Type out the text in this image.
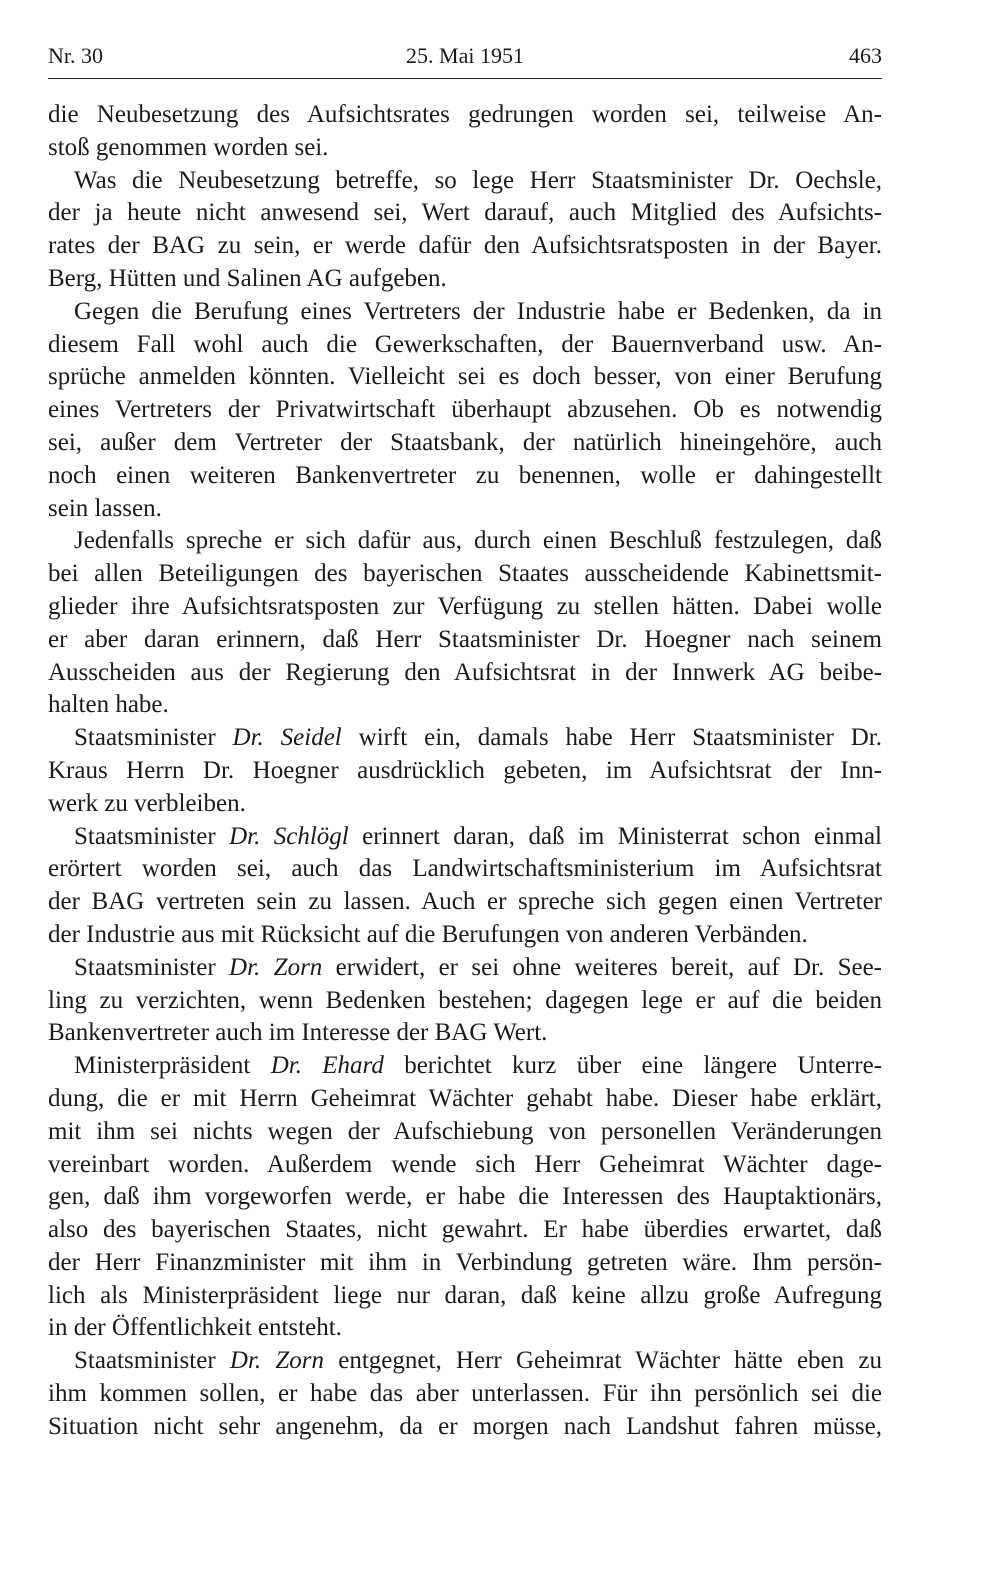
Nr. 30	25. Mai 1951	463
die Neubesetzung des Aufsichtsrates gedrungen worden sei, teilweise An-
stoß genommen worden sei.
Was die Neubesetzung betreffe, so lege Herr Staatsminister Dr. Oechsle,
der ja heute nicht anwesend sei, Wert darauf, auch Mitglied des Aufsichts-
rates der BAG zu sein, er werde dafür den Aufsichtsratsposten in der Bayer.
Berg, Hütten und Salinen AG aufgeben.
Gegen die Berufung eines Vertreters der Industrie habe er Bedenken, da in
diesem Fall wohl auch die Gewerkschaften, der Bauernverband usw. An-
sprüche anmelden könnten. Vielleicht sei es doch besser, von einer Berufung
eines Vertreters der Privatwirtschaft überhaupt abzusehen. Ob es notwendig
sei, außer dem Vertreter der Staatsbank, der natürlich hineingehöre, auch
noch einen weiteren Bankenvertreter zu benennen, wolle er dahingestellt
sein lassen.
Jedenfalls spreche er sich dafür aus, durch einen Beschluß festzulegen, daß
bei allen Beteiligungen des bayerischen Staates ausscheidende Kabinettsmit-
glieder ihre Aufsichtsratsposten zur Verfügung zu stellen hätten. Dabei wolle
er aber daran erinnern, daß Herr Staatsminister Dr. Hoegner nach seinem
Ausscheiden aus der Regierung den Aufsichtsrat in der Innwerk AG beibe-
halten habe.
Staatsminister Dr. Seidel wirft ein, damals habe Herr Staatsminister Dr.
Kraus Herrn Dr. Hoegner ausdrücklich gebeten, im Aufsichtsrat der Inn-
werk zu verbleiben.
Staatsminister Dr. Schlögl erinnert daran, daß im Ministerrat schon einmal
erörtert worden sei, auch das Landwirtschaftsministerium im Aufsichtsrat
der BAG vertreten sein zu lassen. Auch er spreche sich gegen einen Vertreter
der Industrie aus mit Rücksicht auf die Berufungen von anderen Verbänden.
Staatsminister Dr. Zorn erwidert, er sei ohne weiteres bereit, auf Dr. See-
ling zu verzichten, wenn Bedenken bestehen; dagegen lege er auf die beiden
Bankenvertreter auch im Interesse der BAG Wert.
Ministerpräsident Dr. Ehard berichtet kurz über eine längere Unterre-
dung, die er mit Herrn Geheimrat Wächter gehabt habe. Dieser habe erklärt,
mit ihm sei nichts wegen der Aufschiebung von personellen Veränderungen
vereinbart worden. Außerdem wende sich Herr Geheimrat Wächter dage-
gen, daß ihm vorgeworfen werde, er habe die Interessen des Hauptaktionärs,
also des bayerischen Staates, nicht gewahrt. Er habe überdies erwartet, daß
der Herr Finanzminister mit ihm in Verbindung getreten wäre. Ihm persön-
lich als Ministerpräsident liege nur daran, daß keine allzu große Aufregung
in der Öffentlichkeit entsteht.
Staatsminister Dr. Zorn entgegnet, Herr Geheimrat Wächter hätte eben zu
ihm kommen sollen, er habe das aber unterlassen. Für ihn persönlich sei die
Situation nicht sehr angenehm, da er morgen nach Landshut fahren müsse,
